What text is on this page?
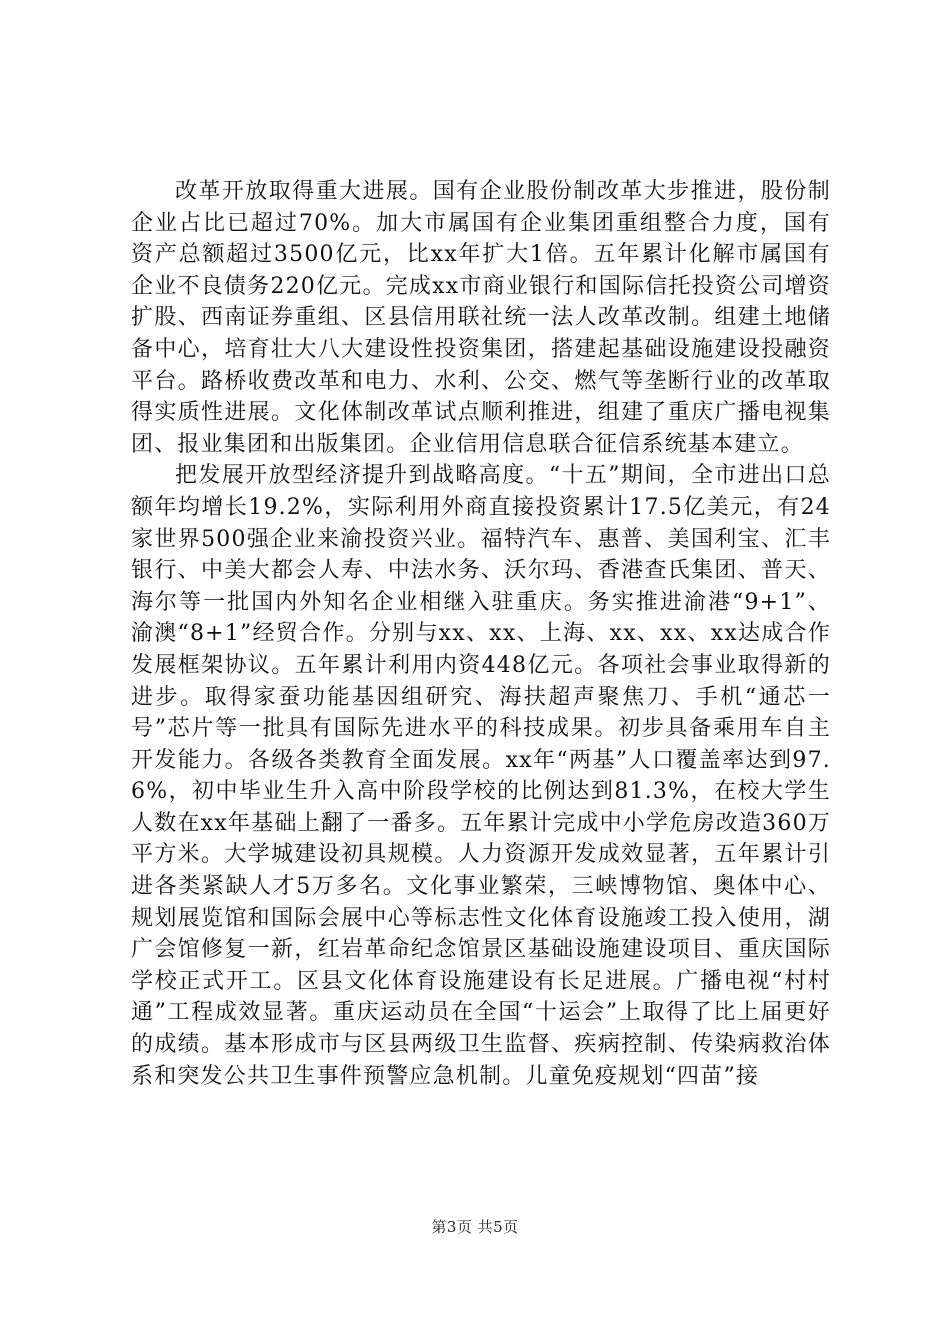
改革开放取得重大进展。国有企业股份制改革大步推进，股份制企业占比已超过70%。加大市属国有企业集团重组整合力度，国有资产总额超过3500亿元，比xx年扩大1倍。五年累计化解市属国有企业不良债务220亿元。完成xx市商业银行和国际信托投资公司增资扩股、西南证券重组、区县信用联社统一法人改革改制。组建土地储备中心，培育壮大八大建设性投资集团，搭建起基础设施建设投融资平台。路桥收费改革和电力、水利、公交、燃气等垄断行业的改革取得实质性进展。文化体制改革试点顺利推进，组建了重庆广播电视集团、报业集团和出版集团。企业信用信息联合征信系统基本建立。

把发展开放型经济提升到战略高度。“十五”期间，全市进出口总额年均增长19.2%，实际利用外商直接投资累计17.5亿美元，有24家世界500强企业来渝投资兴业。福特汽车、惠普、美国利宝、汇丰银行、中美大都会人寿、中法水务、沃尔玛、香港查氏集团、普天、海尔等一批国内外知名企业相继入驻重庆。务实推进渝港“9+1”、渝澳“8+1”经贸合作。分别与xx、xx、上海、xx、xx、xx达成合作发展框架协议。五年累计利用内资448亿元。各项社会事业取得新的进步。取得家蚕功能基因组研究、海扶超声聚焦刀、手机“通芯一号”芯片等一批具有国际先进水平的科技成果。初步具备乘用车自主开发能力。各级各类教育全面发展。xx年“两基”人口覆盖率达到97.6%，初中毕业生升入高中阶段学校的比例达到81.3%，在校大学生人数在xx年基础上翻了一番多。五年累计完成中小学危房改造360万平方米。大学城建设初具规模。人力资源开发成效显著，五年累计引进各类紧缺人才5万多名。文化事业繁荣，三峡博物馆、奥体中心、规划展览馆和国际会展中心等标志性文化体育设施竣工投入使用，湖广会馆修复一新，红岩革命纪念馆景区基础设施建设项目、重庆国际学校正式开工。区县文化体育设施建设有长足进展。广播电视“村村通”工程成效显著。重庆运动员在全国“十运会”上取得了比上届更好的成绩。基本形成市与区县两级卫生监督、疾病控制、传染病救治体系和突发公共卫生事件预警应急机制。儿童免疫规划“四苗”接

第3页 共5页
